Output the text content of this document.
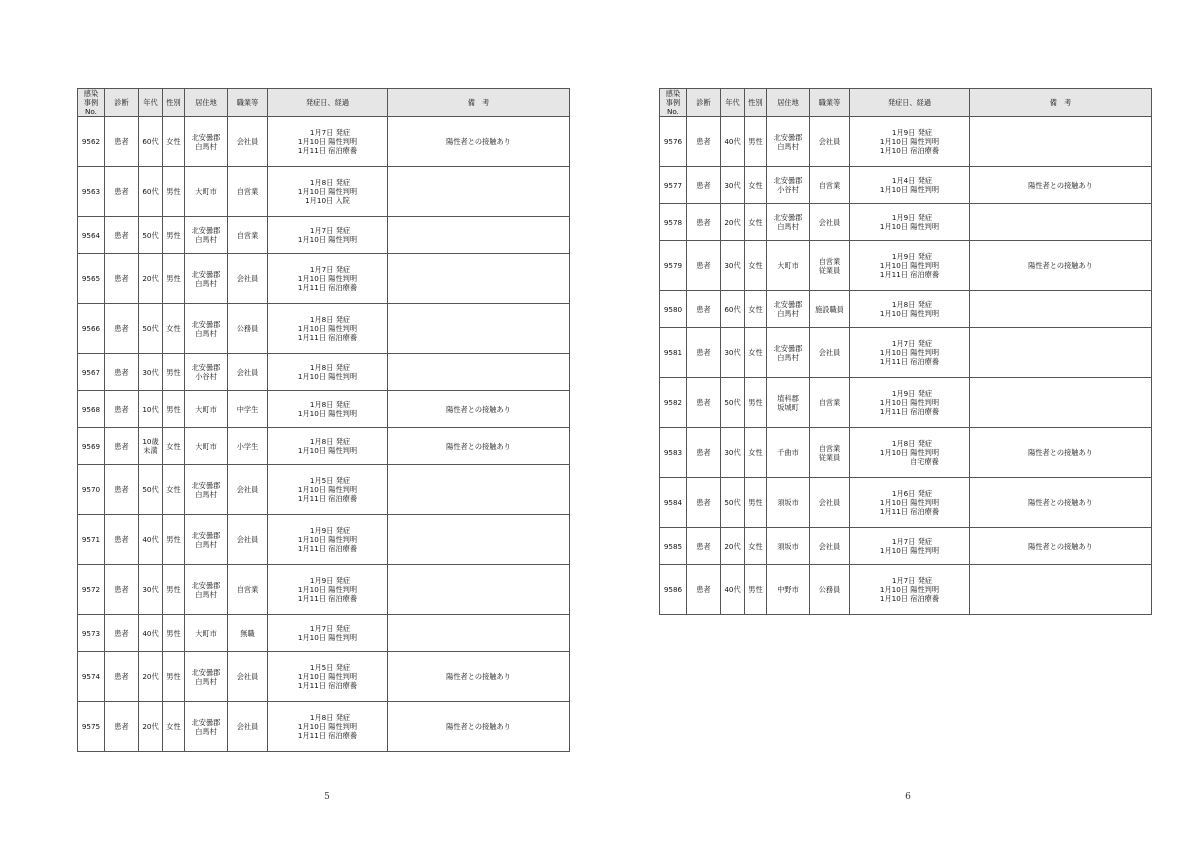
感染
事例
No.	診断	年代	性別	居住地	職業等	発症日、経過	備　考
9562	患者	60代	女性	北安曇郡
白馬村	会社員	1月7日 発症
1月10日 陽性判明
1月11日 宿泊療養	陽性者との接触あり
9563	患者	60代	男性	大町市	自営業	1月8日 発症
1月10日 陽性判明
1月10日 入院	

9564	患者	50代	男性	北安曇郡
白馬村	自営業	1月7日 発症
1月10日 陽性判明	

9565	患者	20代	男性	北安曇郡
白馬村	会社員	1月7日 発症
1月10日 陽性判明
1月11日 宿泊療養	

9566	患者	50代	女性	北安曇郡
白馬村	公務員	1月8日 発症
1月10日 陽性判明
1月11日 宿泊療養	

9567	患者	30代	男性	北安曇郡
小谷村	会社員	1月8日 発症
1月10日 陽性判明	

9568	患者	10代	男性	大町市	中学生	1月8日 発症
1月10日 陽性判明	陽性者との接触あり
9569	患者	10歳
未満	女性	大町市	小学生	1月8日 発症
1月10日 陽性判明	陽性者との接触あり
9570	患者	50代	女性	北安曇郡
白馬村	会社員	1月5日 発症
1月10日 陽性判明
1月11日 宿泊療養	

9571	患者	40代	男性	北安曇郡
白馬村	会社員	1月9日 発症
1月10日 陽性判明
1月11日 宿泊療養	

9572	患者	30代	男性	北安曇郡
白馬村	自営業	1月9日 発症
1月10日 陽性判明
1月11日 宿泊療養	

9573	患者	40代	男性	大町市	無職	1月7日 発症
1月10日 陽性判明	

9574	患者	20代	男性	北安曇郡
白馬村	会社員	1月5日 発症
1月10日 陽性判明
1月11日 宿泊療養	陽性者との接触あり
9575	患者	20代	女性	北安曇郡
白馬村	会社員	1月8日 発症
1月10日 陽性判明
1月11日 宿泊療養	陽性者との接触あり
5
感染
事例
No.	診断	年代	性別	居住地	職業等	発症日、経過	備　考
9576	患者	40代	男性	北安曇郡
白馬村	会社員	1月9日 発症
1月10日 陽性判明
1月10日 宿泊療養	

9577	患者	30代	女性	北安曇郡
小谷村	自営業	1月4日 発症
1月10日 陽性判明	陽性者との接触あり
9578	患者	20代	女性	北安曇郡
白馬村	会社員	1月9日 発症
1月10日 陽性判明	

9579	患者	30代	女性	大町市	自営業
従業員	1月9日 発症
1月10日 陽性判明
1月11日 宿泊療養	陽性者との接触あり
9580	患者	60代	女性	北安曇郡
白馬村	施設職員	1月8日 発症
1月10日 陽性判明	

9581	患者	30代	女性	北安曇郡
白馬村	会社員	1月7日 発症
1月10日 陽性判明
1月11日 宿泊療養	

9582	患者	50代	男性	埴科郡
坂城町	自営業	1月9日 発症
1月10日 陽性判明
1月11日 宿泊療養	

9583	患者	30代	女性	千曲市	自営業
従業員	1月8日 発症
1月10日 陽性判明
自宅療養	陽性者との接触あり
9584	患者	50代	男性	須坂市	会社員	1月6日 発症
1月10日 陽性判明
1月11日 宿泊療養	陽性者との接触あり
9585	患者	20代	女性	須坂市	会社員	1月7日 発症
1月10日 陽性判明	陽性者との接触あり
9586	患者	40代	男性	中野市	公務員	1月7日 発症
1月10日 陽性判明
1月10日 宿泊療養	

6
